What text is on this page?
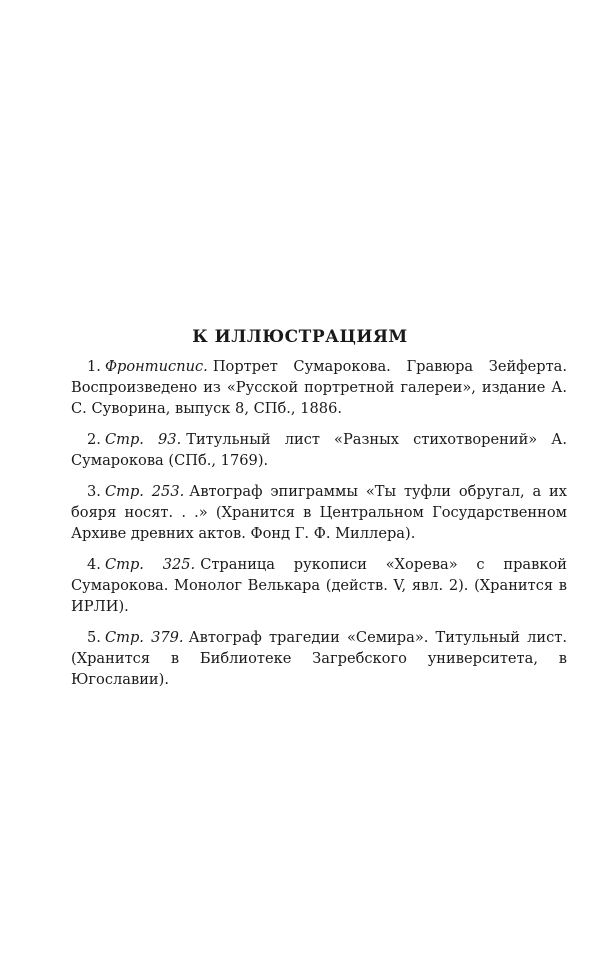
К ИЛЛЮСТРАЦИЯМ

1. Фронтиспис. Портрет Сумарокова. Гравюра Зейферта. Воспроизведено из «Русской портретной галереи», издание А. С. Суворина, выпуск 8, СПб., 1886.

2. Стр. 93. Титульный лист «Разных стихотворений» А. Сумарокова (СПб., 1769).

3. Стр. 253. Автограф эпиграммы «Ты туфли обругал, а их бояря носят. . .» (Хранится в Центральном Государственном Архиве древних актов. Фонд Г. Ф. Миллера).

4. Стр. 325. Страница рукописи «Хорева» с правкой Сумарокова. Монолог Велькара (действ. V, явл. 2). (Хранится в ИРЛИ).

5. Стр. 379. Автограф трагедии «Семира». Титульный лист. (Хранится в Библиотеке Загребского университета, в Югославии).
